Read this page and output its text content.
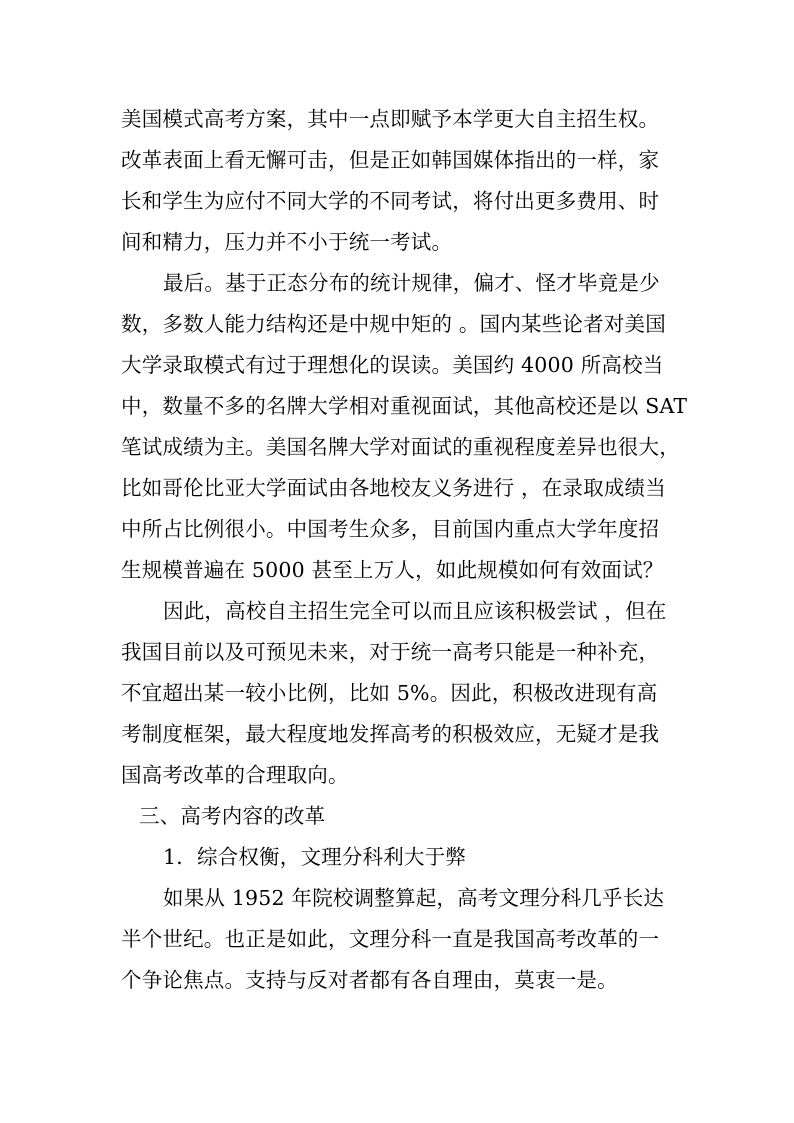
美国模式高考方案，其中一点即赋予本学更大自主招生权。
改革表面上看无懈可击，但是正如韩国媒体指出的一样，家
长和学生为应付不同大学的不同考试，将付出更多费用、时
间和精力，压力并不小于统一考试。
最后。基于正态分布的统计规律，偏才、怪才毕竟是少
数，多数人能力结构还是中规中矩的 。国内某些论者对美国
大学录取模式有过于理想化的误读。美国约 4000 所高校当
中，数量不多的名牌大学相对重视面试，其他高校还是以 SAT
笔试成绩为主。美国名牌大学对面试的重视程度差异也很大，
比如哥伦比亚大学面试由各地校友义务进行 ，在录取成绩当
中所占比例很小。中国考生众多，目前国内重点大学年度招
生规模普遍在 5000 甚至上万人，如此规模如何有效面试？
因此，高校自主招生完全可以而且应该积极尝试 ，但在
我国目前以及可预见未来，对于统一高考只能是一种补充，
不宜超出某一较小比例，比如 5%。因此，积极改进现有高
考制度框架，最大程度地发挥高考的积极效应，无疑才是我
国高考改革的合理取向。
三、高考内容的改革
1．综合权衡，文理分科利大于弊
如果从 1952 年院校调整算起，高考文理分科几乎长达
半个世纪。也正是如此，文理分科一直是我国高考改革的一
个争论焦点。支持与反对者都有各自理由，莫衷一是。
